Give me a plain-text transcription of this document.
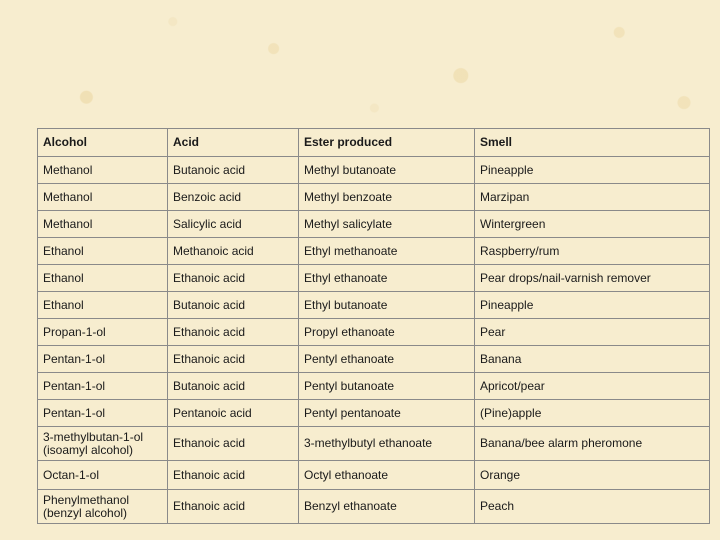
Alcohol	Acid	Ester produced	Smell
Methanol	Butanoic acid	Methyl butanoate	Pineapple
Methanol	Benzoic acid	Methyl benzoate	Marzipan
Methanol	Salicylic acid	Methyl salicylate	Wintergreen
Ethanol	Methanoic acid	Ethyl methanoate	Raspberry/rum
Ethanol	Ethanoic acid	Ethyl ethanoate	Pear drops/nail-varnish remover
Ethanol	Butanoic acid	Ethyl butanoate	Pineapple
Propan-1-ol	Ethanoic acid	Propyl ethanoate	Pear
Pentan-1-ol	Ethanoic acid	Pentyl ethanoate	Banana
Pentan-1-ol	Butanoic acid	Pentyl butanoate	Apricot/pear
Pentan-1-ol	Pentanoic acid	Pentyl pentanoate	(Pine)apple
3-methylbutan-1-ol
(isoamyl alcohol)	Ethanoic acid	3-methylbutyl ethanoate	Banana/bee alarm pheromone
Octan-1-ol	Ethanoic acid	Octyl ethanoate	Orange
Phenylmethanol
(benzyl alcohol)	Ethanoic acid	Benzyl ethanoate	Peach
